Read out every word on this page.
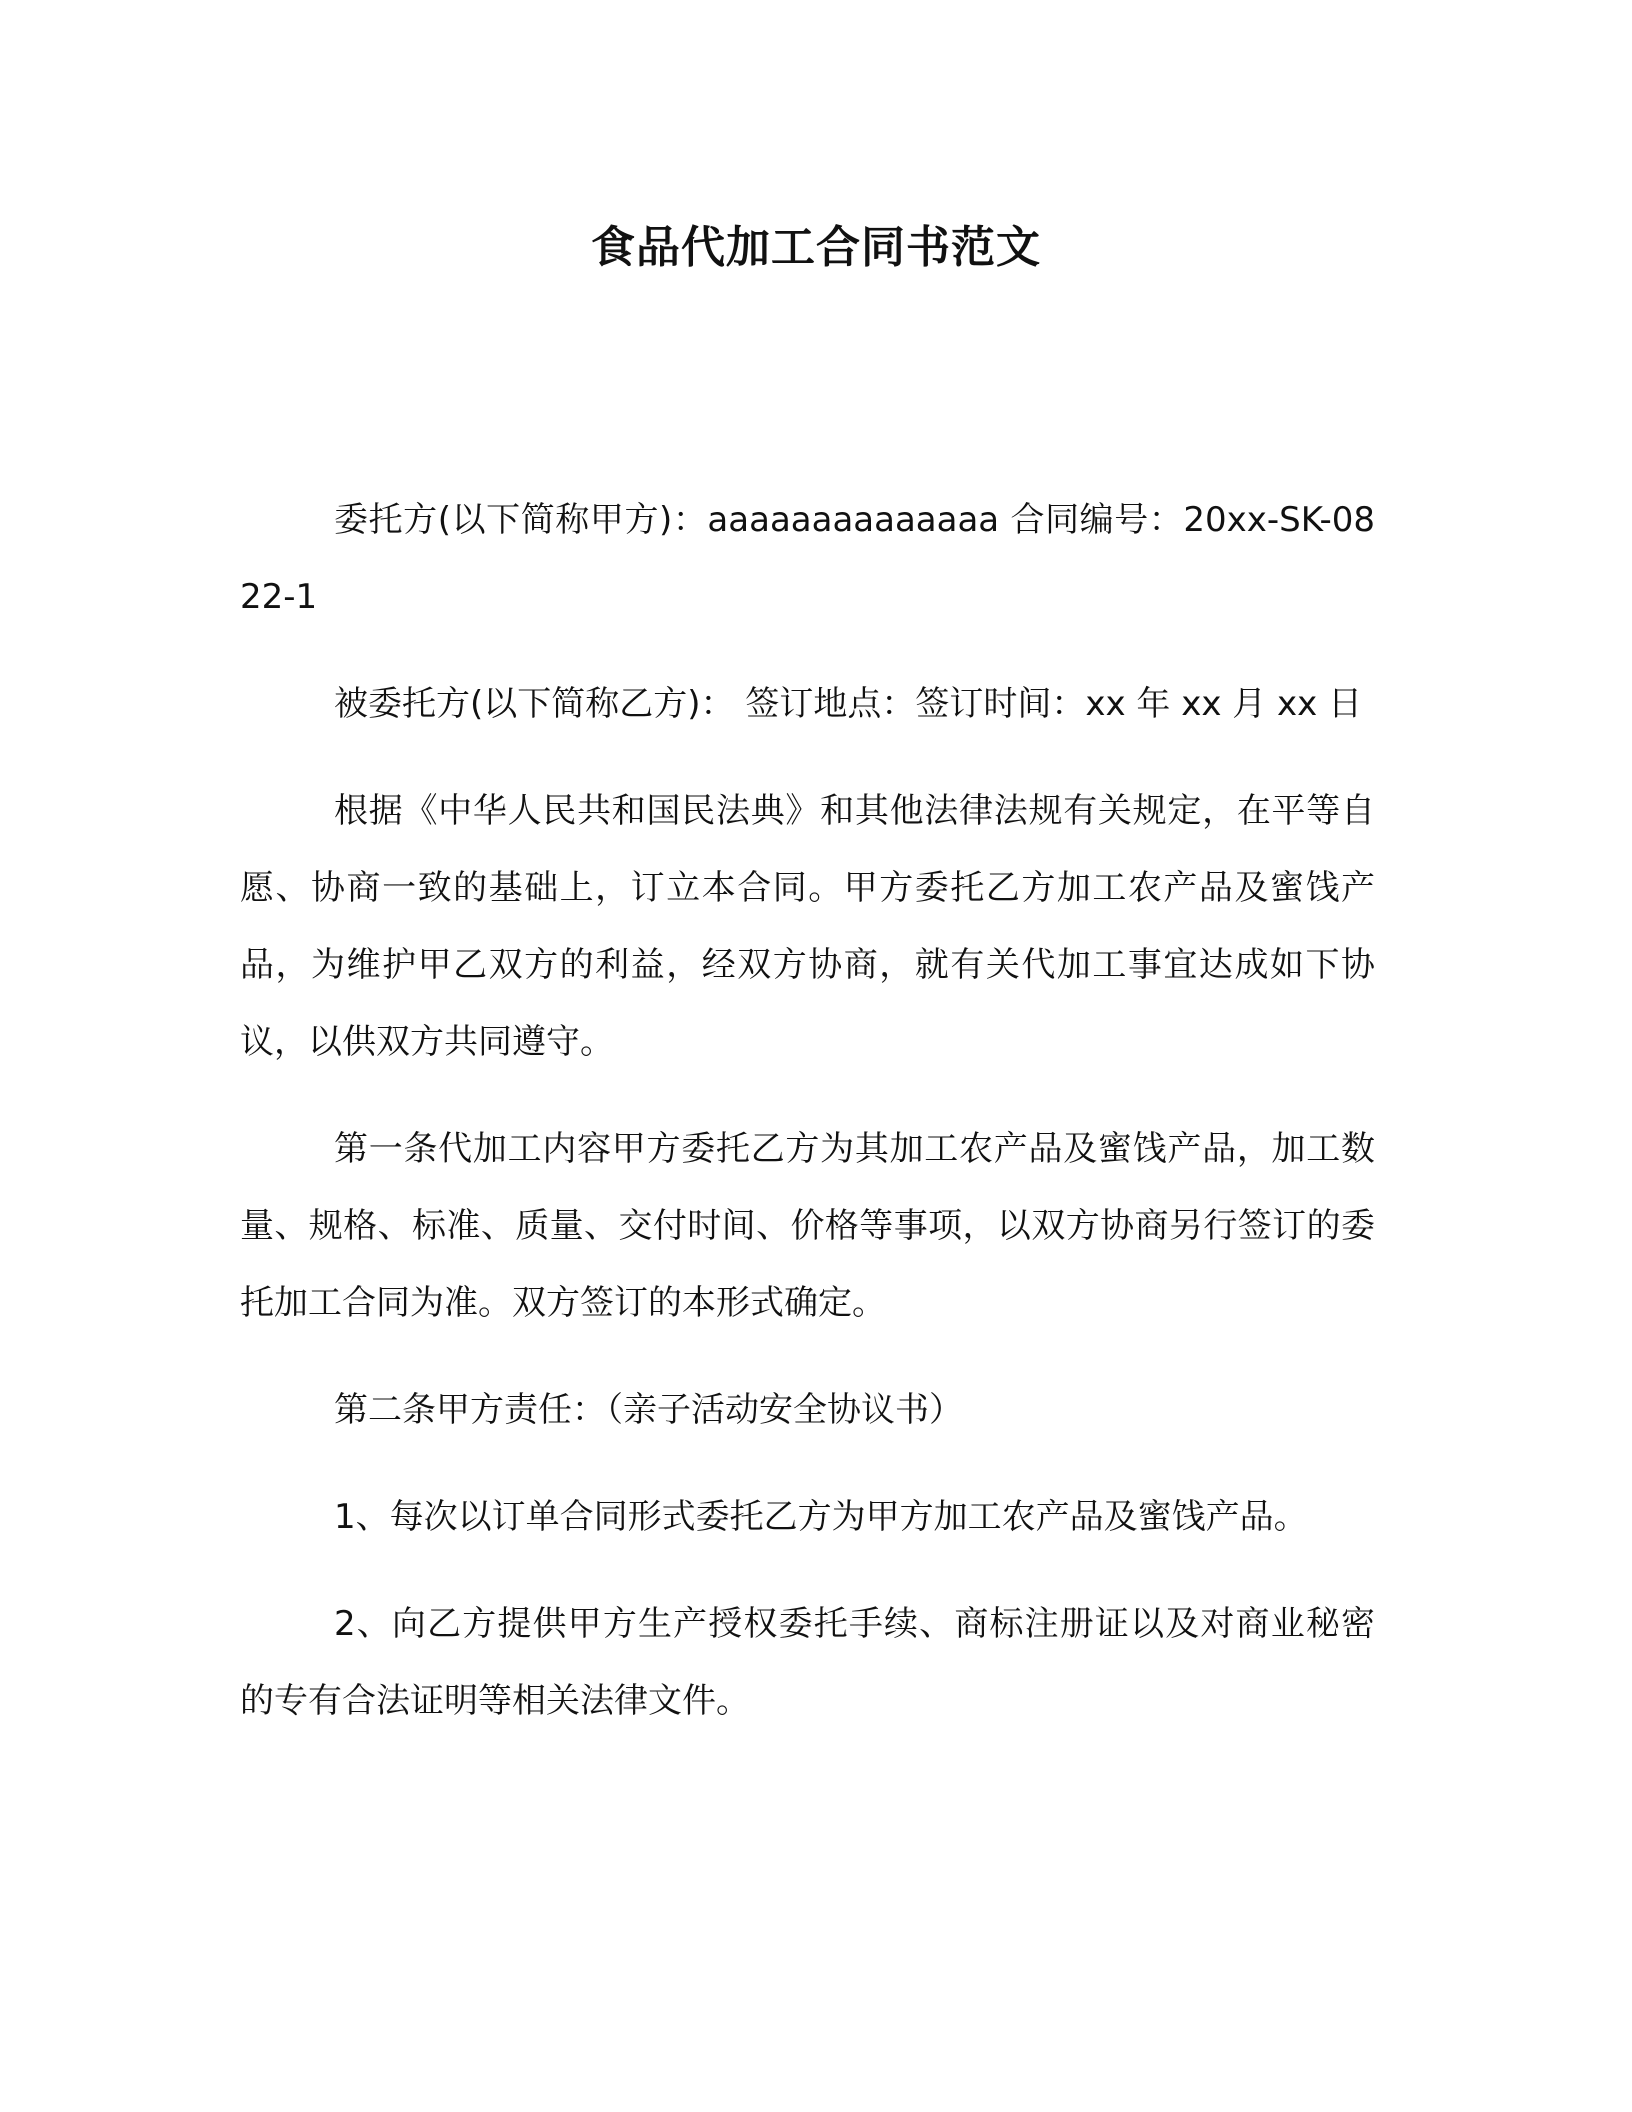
食品代加工合同书范文

委托方(以下简称甲方)：aaaaaaaaaaaaaa 合同编号：20xx-SK-0822-1

被委托方(以下简称乙方)： 签订地点：签订时间：xx 年 xx 月 xx 日

根据《中华人民共和国民法典》和其他法律法规有关规定，在平等自愿、协商一致的基础上，订立本合同。甲方委托乙方加工农产品及蜜饯产品，为维护甲乙双方的利益，经双方协商，就有关代加工事宜达成如下协议，以供双方共同遵守。

第一条代加工内容甲方委托乙方为其加工农产品及蜜饯产品，加工数量、规格、标准、质量、交付时间、价格等事项，以双方协商另行签订的委托加工合同为准。双方签订的本形式确定。

第二条甲方责任：（亲子活动安全协议书）

1、每次以订单合同形式委托乙方为甲方加工农产品及蜜饯产品。

2、向乙方提供甲方生产授权委托手续、商标注册证以及对商业秘密的专有合法证明等相关法律文件。
